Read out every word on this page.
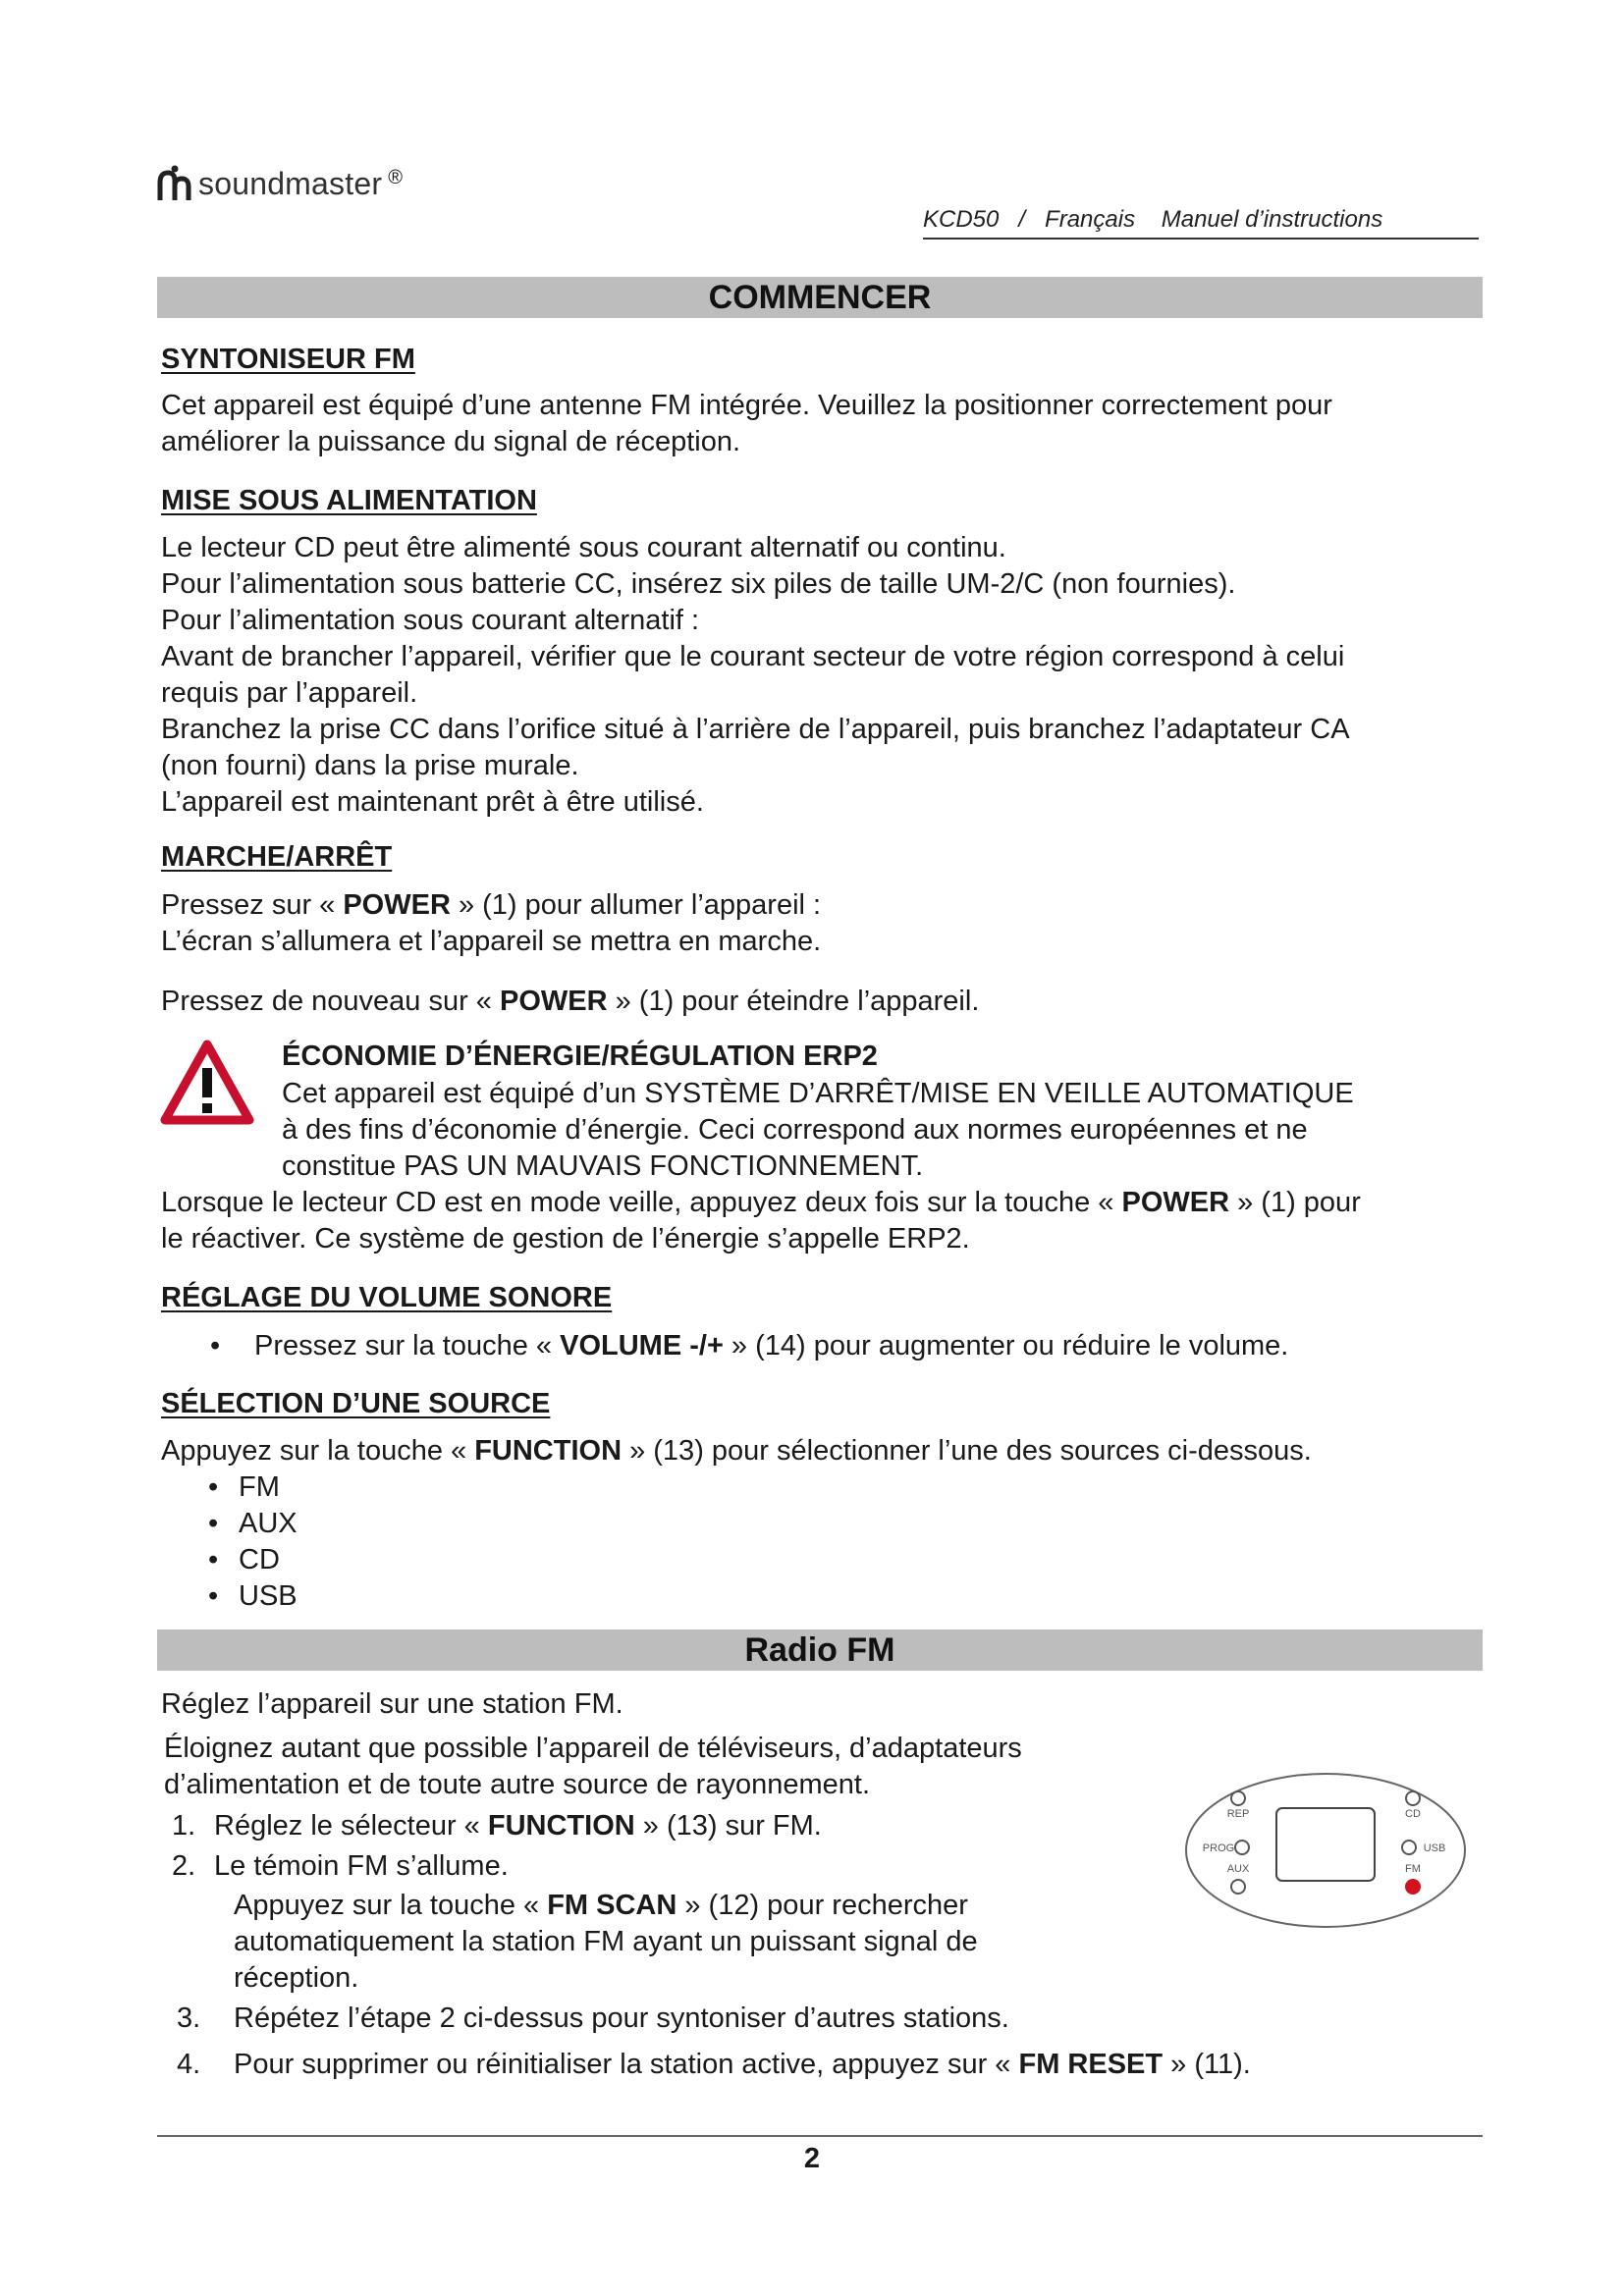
soundmaster ®
KCD50   /   Français    Manuel d’instructions
COMMENCER
SYNTONISEUR FM
Cet appareil est équipé d’une antenne FM intégrée. Veuillez la positionner correctement pour
améliorer la puissance du signal de réception.
MISE SOUS ALIMENTATION
Le lecteur CD peut être alimenté sous courant alternatif ou continu.
Pour l’alimentation sous batterie CC, insérez six piles de taille UM-2/C (non fournies).
Pour l’alimentation sous courant alternatif :
Avant de brancher l’appareil, vérifier que le courant secteur de votre région correspond à celui
requis par l’appareil.
Branchez la prise CC dans l’orifice situé à l’arrière de l’appareil, puis branchez l’adaptateur CA
(non fourni) dans la prise murale.
L’appareil est maintenant prêt à être utilisé.
MARCHE/ARRÊT
Pressez sur « POWER » (1) pour allumer l’appareil :
L’écran s’allumera et l’appareil se mettra en marche.
Pressez de nouveau sur « POWER » (1) pour éteindre l’appareil.
ÉCONOMIE D’ÉNERGIE/RÉGULATION ERP2
Cet appareil est équipé d’un SYSTÈME D’ARRÊT/MISE EN VEILLE AUTOMATIQUE
à des fins d’économie d’énergie. Ceci correspond aux normes européennes et ne
constitue PAS UN MAUVAIS FONCTIONNEMENT.
Lorsque le lecteur CD est en mode veille, appuyez deux fois sur la touche « POWER » (1) pour
le réactiver. Ce système de gestion de l’énergie s’appelle ERP2.
RÉGLAGE DU VOLUME SONORE
• Pressez sur la touche « VOLUME -/+ » (14) pour augmenter ou réduire le volume.
SÉLECTION D’UNE SOURCE
Appuyez sur la touche « FUNCTION » (13) pour sélectionner l’une des sources ci-dessous.
• FM
• AUX
• CD
• USB
Radio FM
Réglez l’appareil sur une station FM.
Éloignez autant que possible l’appareil de téléviseurs, d’adaptateurs
d’alimentation et de toute autre source de rayonnement.
1. Réglez le sélecteur « FUNCTION » (13) sur FM.
2. Le témoin FM s’allume.
Appuyez sur la touche « FM SCAN » (12) pour rechercher
automatiquement la station FM ayant un puissant signal de
réception.
3. Répétez l’étape 2 ci-dessus pour syntoniser d’autres stations.
4. Pour supprimer ou réinitialiser la station active, appuyez sur « FM RESET » (11).
REP	CD
PROG	USB
AUX	FM
2
